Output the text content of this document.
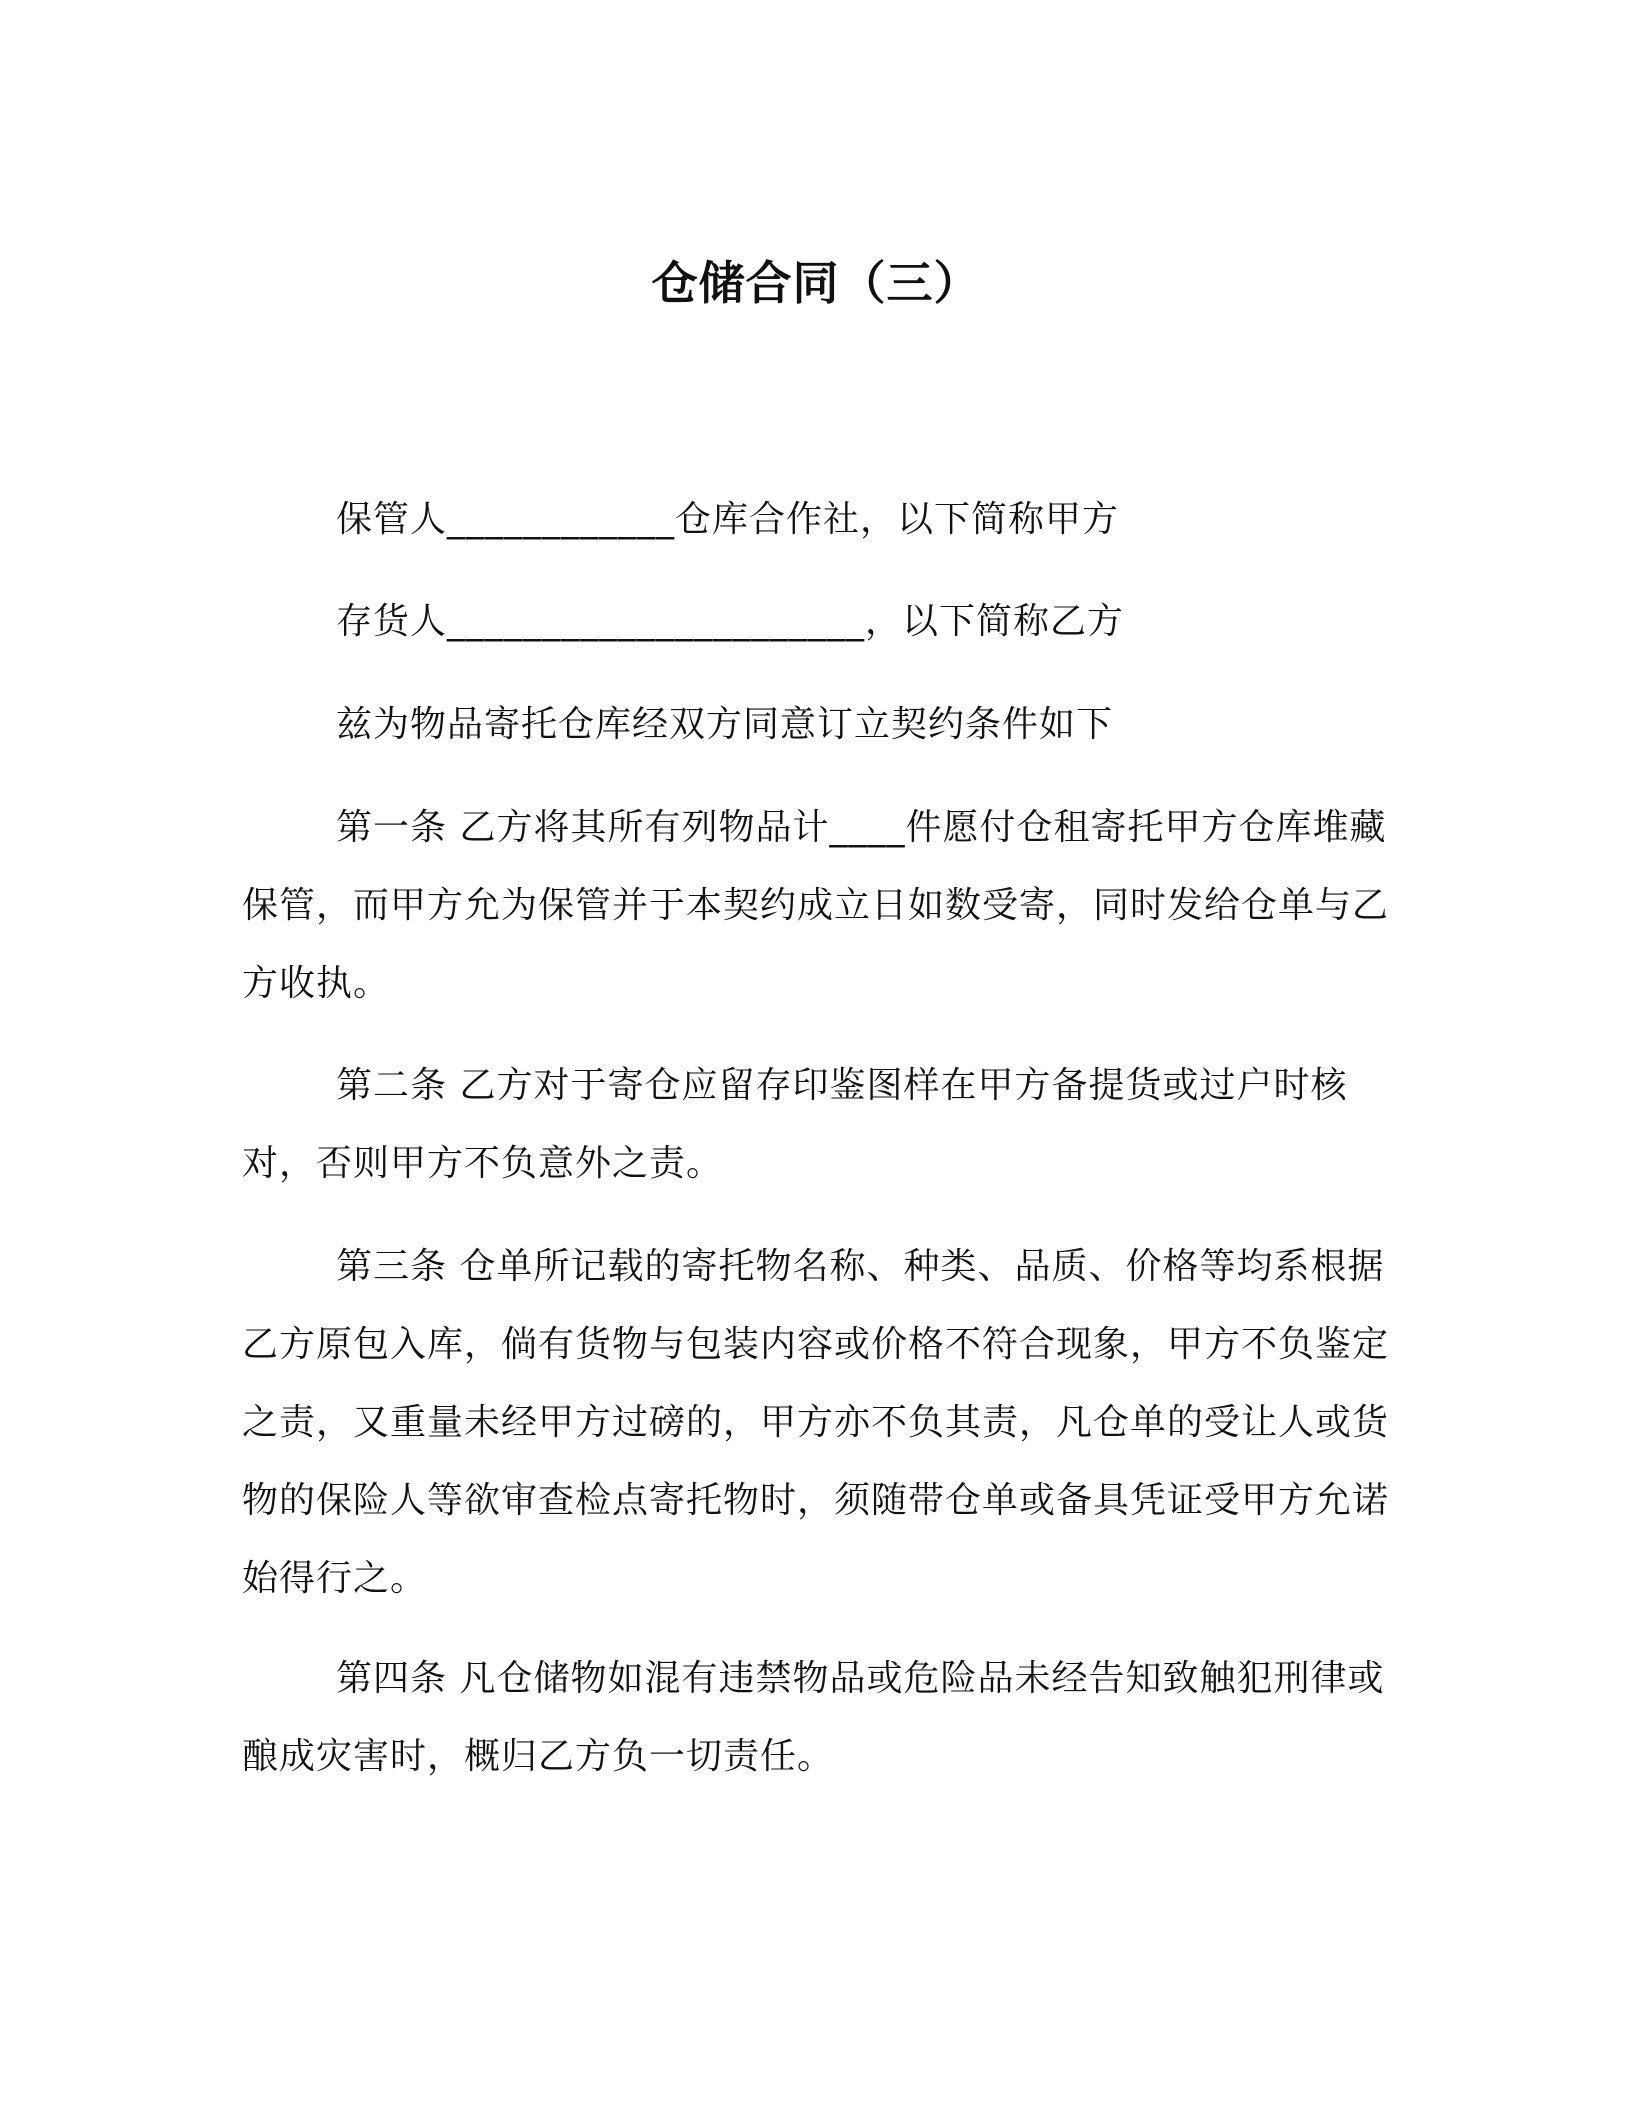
仓储合同（三）

保管人____________仓库合作社，以下简称甲方

存货人______________________，以下简称乙方

兹为物品寄托仓库经双方同意订立契约条件如下

第一条 乙方将其所有列物品计____件愿付仓租寄托甲方仓库堆藏保管，而甲方允为保管并于本契约成立日如数受寄，同时发给仓单与乙方收执。

第二条 乙方对于寄仓应留存印鉴图样在甲方备提货或过户时核对，否则甲方不负意外之责。

第三条 仓单所记载的寄托物名称、种类、品质、价格等均系根据乙方原包入库，倘有货物与包装内容或价格不符合现象，甲方不负鉴定之责，又重量未经甲方过磅的，甲方亦不负其责，凡仓单的受让人或货物的保险人等欲审查检点寄托物时，须随带仓单或备具凭证受甲方允诺始得行之。

第四条 凡仓储物如混有违禁物品或危险品未经告知致触犯刑律或酿成灾害时，概归乙方负一切责任。
